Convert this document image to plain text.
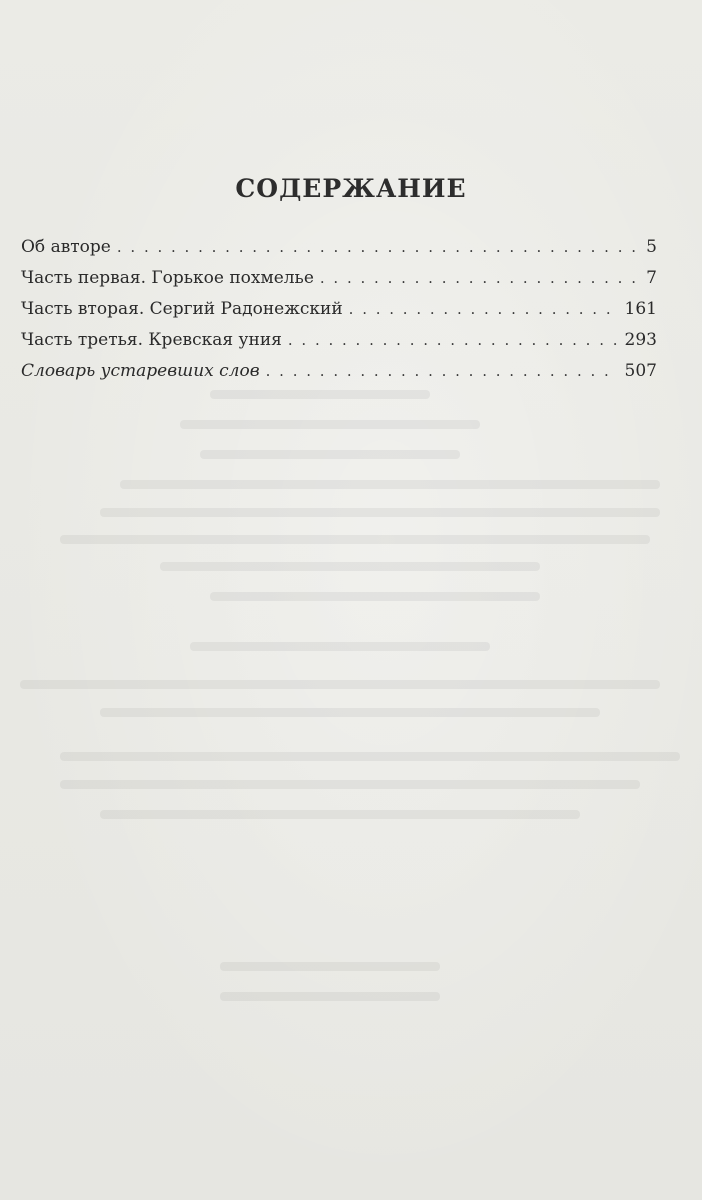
СОДЕРЖАНИЕ
Об авторе . . .	5
Часть первая. Горькое похмелье . . .	7
Часть вторая. Сергий Радонежский . . .	161
Часть третья. Кревская уния . . .	293
Словарь устаревших слов . . .	507
